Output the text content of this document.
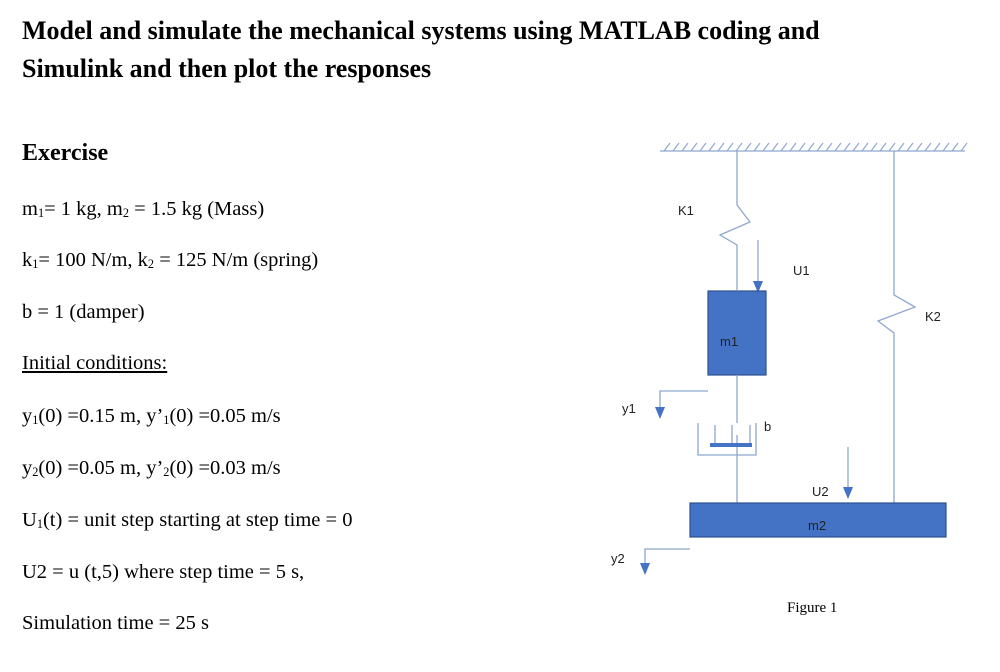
Model and simulate the mechanical systems using MATLAB coding and
Simulink and then plot the responses
Exercise
$m_1= 1$ kg, $m_2 = 1.5$ kg (Mass)
$k_1= 100$ N/m, $k_2 = 125$ N/m (spring)
b = 1 (damper)
Initial conditions:
$y_1(0) =0.15$ m, $y’_1(0) =0.05$ m/s
$y_2(0) =0.05$ m, $y’_2(0) =0.03$ m/s
$U_1(t)$ = unit step starting at step time = 0
U2 = u (t,5) where step time = 5 s,
Simulation time = 25 s
K1
U1
m1
y1
b
K2
U2
m2
y2
Figure 1
